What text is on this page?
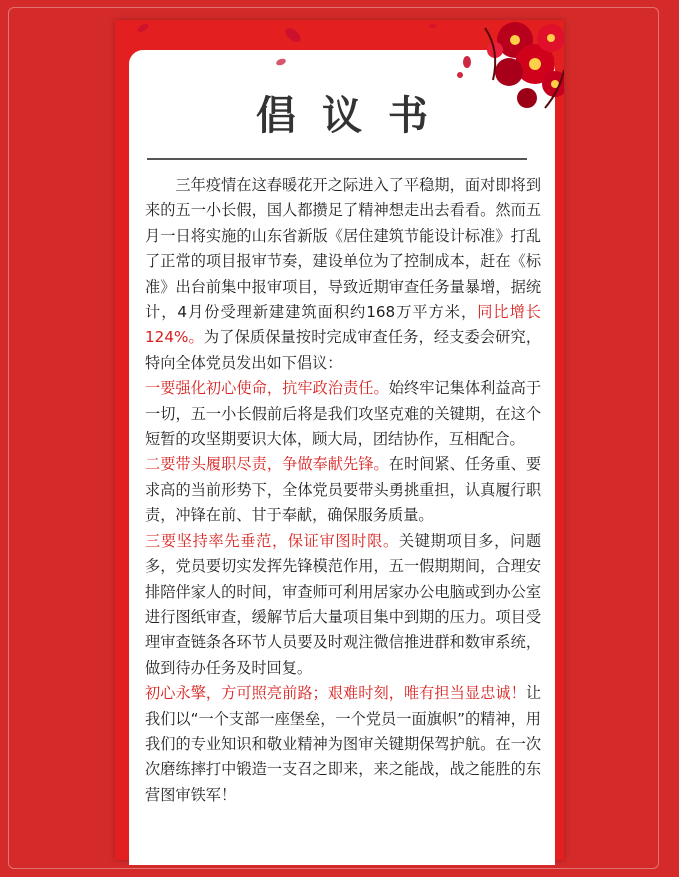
倡议书

三年疫情在这春暖花开之际进入了平稳期，面对即将到来的五一小长假，国人都攒足了精神想走出去看看。然而五月一日将实施的山东省新版《居住建筑节能设计标准》打乱了正常的项目报审节奏，建设单位为了控制成本，赶在《标准》出台前集中报审项目，导致近期审查任务量暴增，据统计，4月份受理新建建筑面积约168万平方米，同比增长124%。为了保质保量按时完成审查任务，经支委会研究，特向全体党员发出如下倡议：

一要强化初心使命，抗牢政治责任。始终牢记集体利益高于一切，五一小长假前后将是我们攻坚克难的关键期，在这个短暂的攻坚期要识大体，顾大局，团结协作，互相配合。

二要带头履职尽责，争做奉献先锋。在时间紧、任务重、要求高的当前形势下，全体党员要带头勇挑重担，认真履行职责，冲锋在前、甘于奉献，确保服务质量。

三要坚持率先垂范，保证审图时限。关键期项目多，问题多，党员要切实发挥先锋模范作用，五一假期期间，合理安排陪伴家人的时间，审查师可利用居家办公电脑或到办公室进行图纸审查，缓解节后大量项目集中到期的压力。项目受理审查链条各环节人员要及时观注微信推进群和数审系统，做到待办任务及时回复。

初心永擎，方可照亮前路；艰难时刻，唯有担当显忠诚！让我们以“一个支部一座堡垒，一个党员一面旗帜”的精神，用我们的专业知识和敬业精神为图审关键期保驾护航。在一次次磨练摔打中锻造一支召之即来，来之能战，战之能胜的东营图审铁军！
